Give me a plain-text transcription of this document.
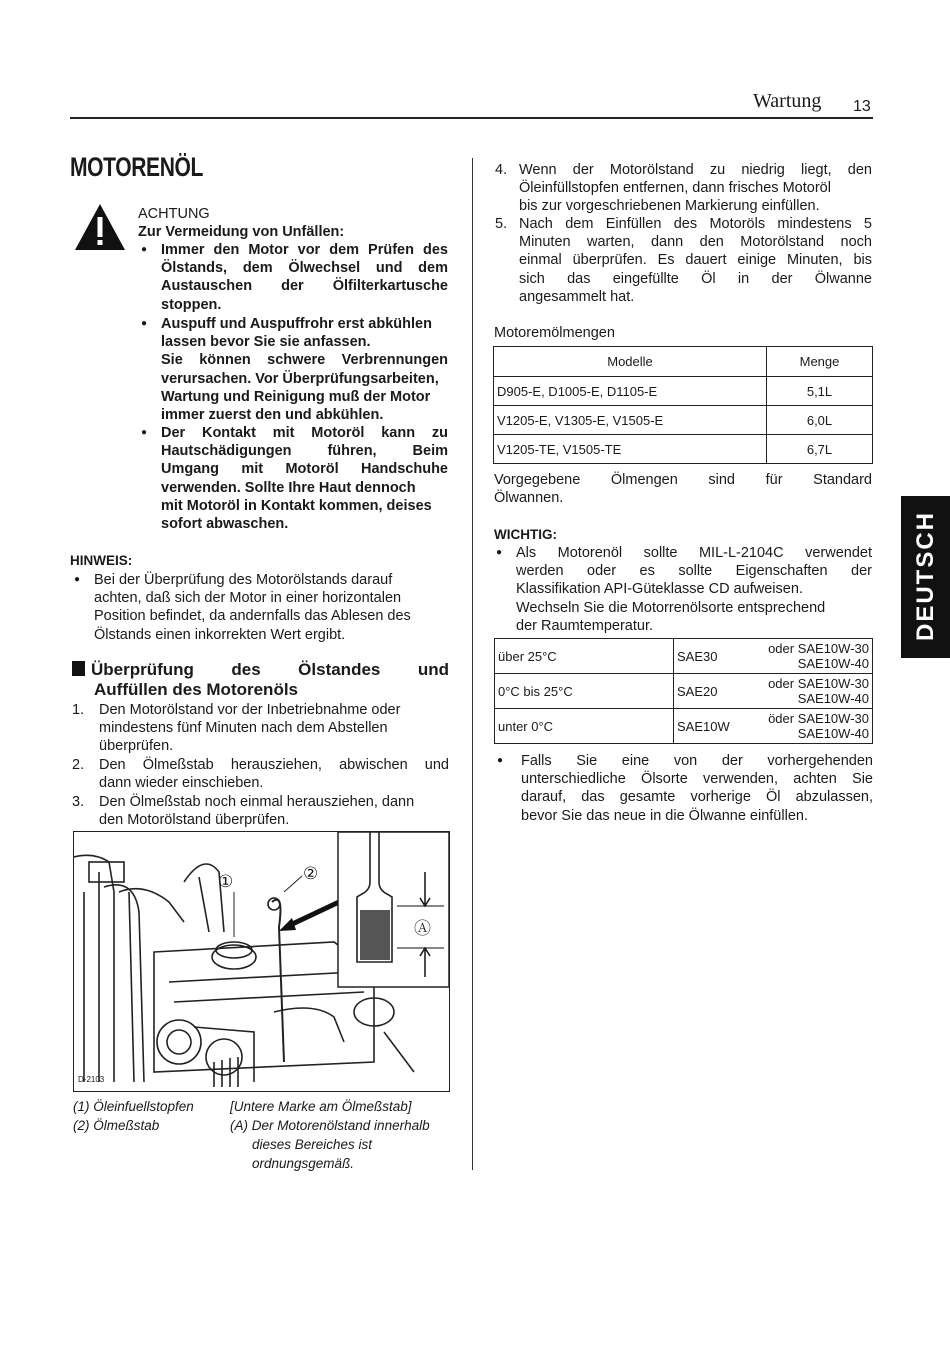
Wartung 13
MOTORENÖL
ACHTUNG
Zur Vermeidung von Unfällen:
● Immer den Motor vor dem Prüfen des
Ölstands, dem Ölwechsel und dem
Austauschen der Ölfilterkartusche
stoppen.
● Auspuff und Auspuffrohr erst abkühlen
lassen bevor Sie sie anfassen.
Sie können schwere Verbrennungen
verursachen. Vor Überprüfungsarbeiten,
Wartung und Reinigung muß der Motor
immer zuerst den und abkühlen.
● Der Kontakt mit Motoröl kann zu
Hautschädigungen führen, Beim
Umgang mit Motoröl Handschuhe
verwenden. Sollte Ihre Haut dennoch
mit Motoröl in Kontakt kommen, deises
sofort abwaschen.
HINWEIS:
● Bei der Überprüfung des Motorölstands darauf
achten, daß sich der Motor in einer horizontalen
Position befindet, da andernfalls das Ablesen des
Ölstands einen inkorrekten Wert ergibt.
Überprüfung des Ölstandes und
Auffüllen des Motorenöls
1. Den Motorölstand vor der Inbetriebnahme oder
mindestens fünf Minuten nach dem Abstellen
überprüfen.
2. Den Ölmeßstab herausziehen, abwischen und
dann wieder einschieben.
3. Den Ölmeßstab noch einmal herausziehen, dann
den Motorölstand überprüfen.
①	②
Ⓐ
D-2103
(1) Öleinfuellstopfen
(2) Ölmeßstab
[Untere Marke am Ölmeßstab]
(A) Der Motorenölstand innerhalb
dieses Bereiches ist
ordnungsgemäß.
4. Wenn der Motorölstand zu niedrig liegt, den
Öleinfüllstopfen entfernen, dann frisches Motoröl
bis zur vorgeschriebenen Markierung einfüllen.
5. Nach dem Einfüllen des Motoröls mindestens 5
Minuten warten, dann den Motorölstand noch
einmal überprüfen. Es dauert einige Minuten, bis
sich das eingefüllte Öl in der Ölwanne
angesammelt hat.
Motoremölmengen
Modelle	Menge
D905-E, D1005-E, D1105-E	5,1L
V1205-E, V1305-E, V1505-E	6,0L
V1205-TE, V1505-TE	6,7L
Vorgegebene Ölmengen sind für Standard
Ölwannen.
WICHTIG:
● Als Motorenöl sollte MIL-L-2104C verwendet
werden oder es sollte Eigenschaften der
Klassifikation API-Güteklasse CD aufweisen.
Wechseln Sie die Motorrenölsorte entsprechend
der Raumtemperatur.
über 25°C	SAE30	oder SAE10W-30
SAE10W-40

0°C bis 25°C	SAE20	oder SAE10W-30
SAE10W-40

unter 0°C	SAE10W	öder SAE10W-30
SAE10W-40
● Falls Sie eine von der vorhergehenden
unterschiedliche Ölsorte verwenden, achten Sie
darauf, das gesamte vorherige Öl abzulassen,
bevor Sie das neue in die Ölwanne einfüllen.
DEUTSCH
